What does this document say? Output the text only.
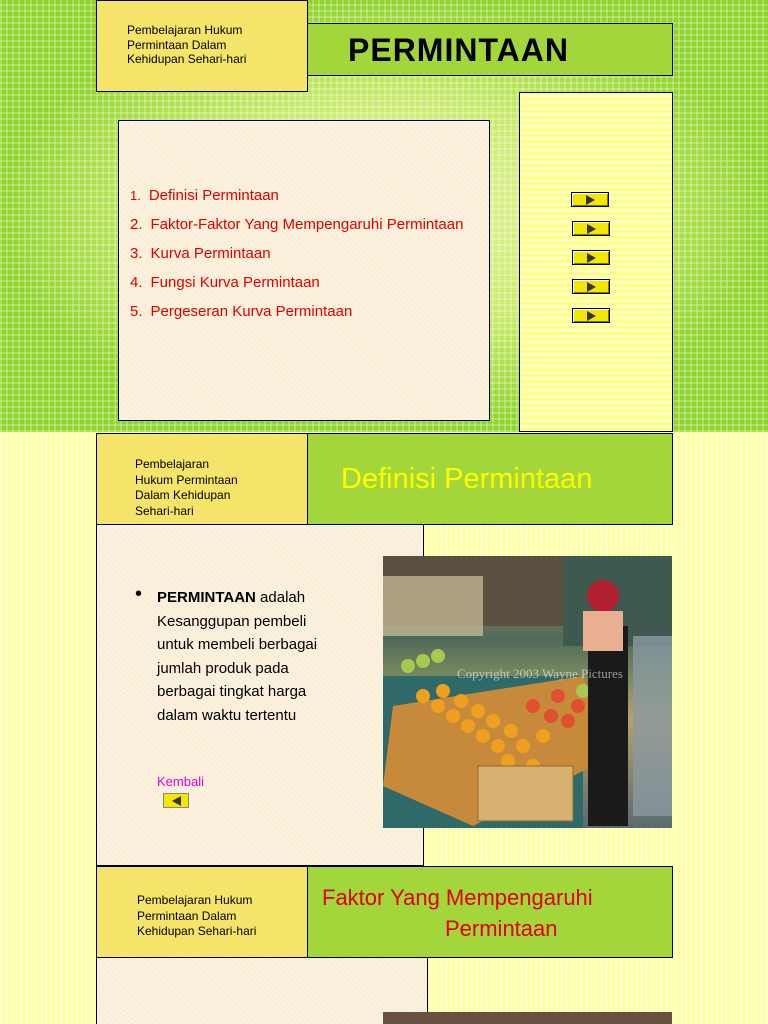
Pembelajaran Hukum
Permintaan Dalam
Kehidupan Sehari-hari	PERMINTAAN
1. Definisi Permintaan
2. Faktor-Faktor Yang Mempengaruhi Permintaan
3. Kurva Permintaan
4. Fungsi Kurva Permintaan
5. Pergeseran Kurva Permintaan
Pembelajaran
Hukum Permintaan
Dalam Kehidupan
Sehari-hari
Definisi Permintaan
• PERMINTAAN adalah
Kesanggupan pembeli
untuk membeli berbagai
jumlah produk pada
berbagai tingkat harga
dalam waktu tertentu
Kembali
Copyright 2003 Wayne Pictures
Pembelajaran Hukum
Permintaan Dalam
Kehidupan Sehari-hari
Faktor Yang Mempengaruhi
Permintaan
